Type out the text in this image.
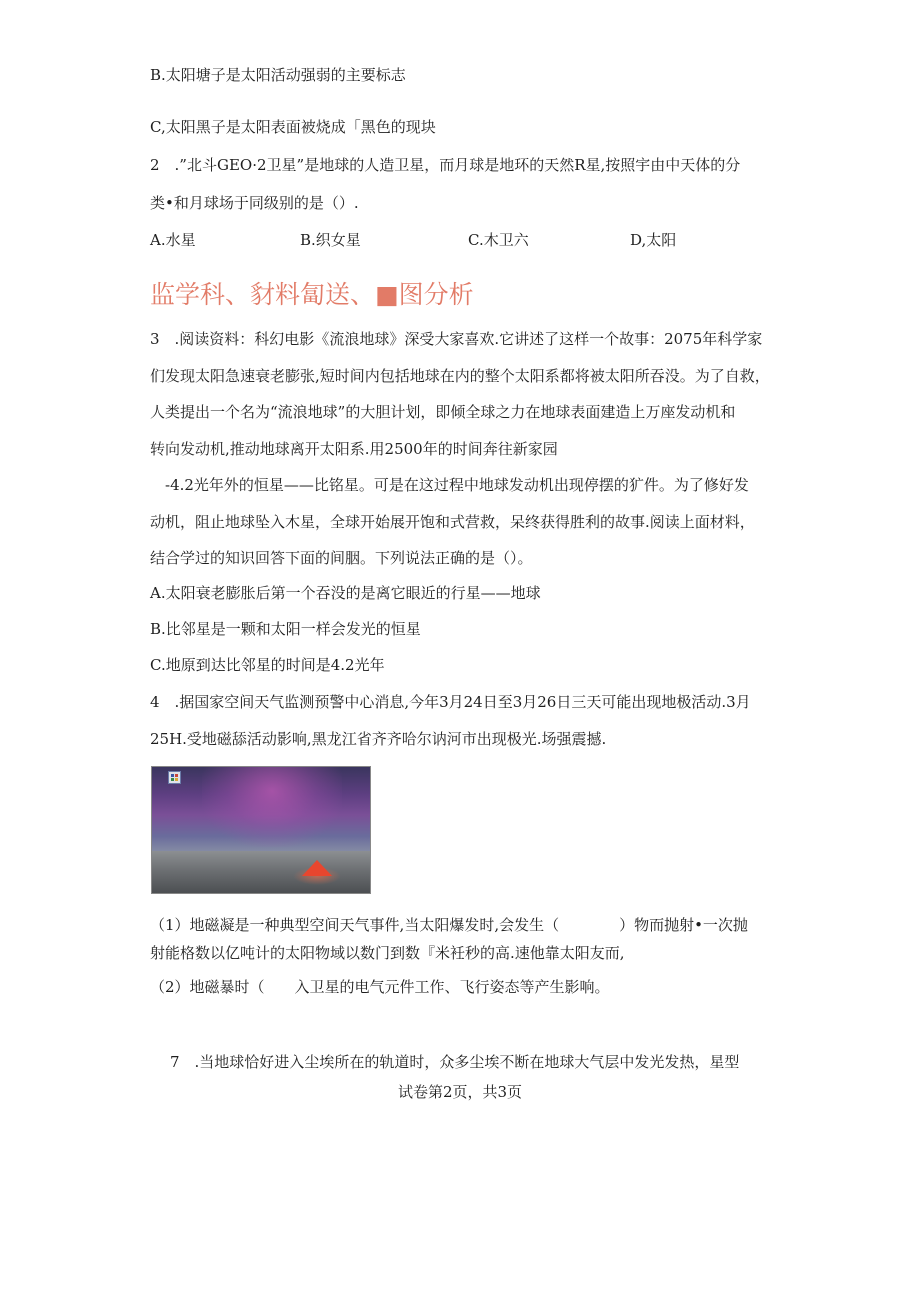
B.太阳塘子是太阳活动强弱的主要标志
C,太阳黑子是太阳表面被烧成「黑色的现块
2　.”北斗GEO·2卫星”是地球的人造卫星，而月球是地环的天然R星,按照宇由中天体的分
类•和月球场于同级别的是（）.
A.水星	B.织女星	C.木卫六	D,太阳
监学科、豺料匐送、■图分析
3　.阅读资料：科幻电影《流浪地球》深受大家喜欢.它讲述了这样一个故事：2075年科学家
们发现太阳急速衰老膨张,短时间内包括地球在内的整个太阳系都将被太阳所吞没。为了自救，
人类提出一个名为“流浪地球”的大胆计划，即倾全球之力在地球表面建造上万座发动机和
转向发动机,推动地球离开太阳系.用2500年的时间奔往新家园
-4.2光年外的恒星——比铭星。可是在这过程中地球发动机出现停摆的犷件。为了修好发
动机，阻止地球坠入木星，全球开始展开饱和式营救，呆终获得胜利的故事.阅读上面材料，
结合学过的知识回答下面的间胭。下列说法正确的是（）。
A.太阳衰老膨胀后第一个吞没的是离它眼近的行星——地球
B.比邻星是一颗和太阳一样会发光的恒星
C.地原到达比邻星的时间是4.2光年
4　.据国家空间天气监测预警中心消息,今年3月24日至3月26日三天可能出现地极活动.3月
25H.受地磁舔活动影响,黑龙江省齐齐哈尔讷河市出现极光.场强震撼.
（1）地磁凝是一种典型空间天气事件,当太阳爆发时,会发生（　　　　）物而抛射•一次抛
射能格数以亿吨计的太阳物域以数门到数『米衽秒的高.速他靠太阳友而,
（2）地磁暴时（　　入卫星的电气元件工作、飞行姿态等产生影响。
7　.当地球恰好进入尘埃所在的轨道时，众多尘埃不断在地球大气层中发光发热，星型
试卷第2页，共3页
